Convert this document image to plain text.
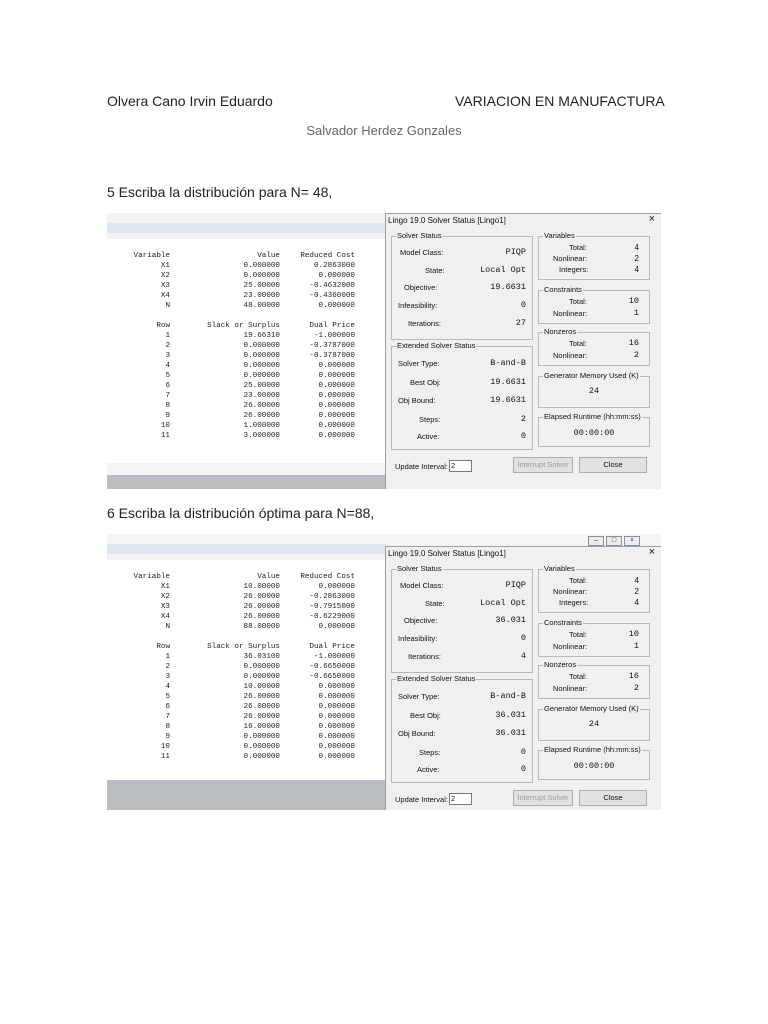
Olvera Cano Irvin Eduardo	VARIACION EN MANUFACTURA
Salvador Herdez Gonzales
5 Escriba la distribución para N= 48,
Variable	Value	Reduced Cost
X1	0.000000	0.2863000
X2	0.000000	0.000000
X3	25.00000	-0.4632000
X4	23.00000	-0.4360000
N	48.00000	0.000000
Row	Slack or Surplus	Dual Price
1	19.66310	-1.000000
2	0.000000	-0.3787000
3	0.000000	-0.3787000
4	0.000000	0.000000
5	0.000000	0.000000
6	25.00000	0.000000
7	23.00000	0.000000
8	26.00000	0.000000
9	26.00000	0.000000
10	1.000000	0.000000
11	3.000000	0.000000
Lingo 19.0 Solver Status [Lingo1]	×
Solver Status
Model Class:	PIQP
State:	Local Opt
Objective:	19.6631
Infeasibility:	0
Iterations:	27
Extended Solver Status
Solver Type:	B-and-B
Best Obj:	19.6631
Obj Bound:	19.6631
Steps:	2
Active:	0
Variables
Total:	4
Nonlinear:	2
Integers:	4
Constraints
Total:	10
Nonlinear:	1
Nonzeros
Total:	16
Nonlinear:	2
Generator Memory Used (K)
24
Elapsed Runtime (hh:mm:ss)
00:00:00
Update Interval: 2	Interrupt Solver	Close
6 Escriba la distribución óptima para N=88,
–	□	×
Variable	Value	Reduced Cost
X1	10.00000	0.000000
X2	26.00000	-0.2863000
X3	26.00000	-0.7915000
X4	26.00000	-0.6229000
N	88.00000	0.000000
Row	Slack or Surplus	Dual Price
1	36.03100	-1.000000
2	0.000000	-0.6650000
3	0.000000	-0.6650000
4	10.00000	0.000000
5	26.00000	0.000000
6	26.00000	0.000000
7	26.00000	0.000000
8	16.00000	0.000000
9	0.000000	0.000000
10	0.000000	0.000000
11	0.000000	0.000000
Lingo 19.0 Solver Status [Lingo1]	×
Solver Status
Model Class:	PIQP
State:	Local Opt
Objective:	36.031
Infeasibility:	0
Iterations:	4
Extended Solver Status
Solver Type:	B-and-B
Best Obj:	36.031
Obj Bound:	36.031
Steps:	0
Active:	0
Variables
Total:	4
Nonlinear:	2
Integers:	4
Constraints
Total:	10
Nonlinear:	1
Nonzeros
Total:	16
Nonlinear:	2
Generator Memory Used (K)
24
Elapsed Runtime (hh:mm:ss)
00:00:00
Update Interval: 2	Interrupt Solver	Close
